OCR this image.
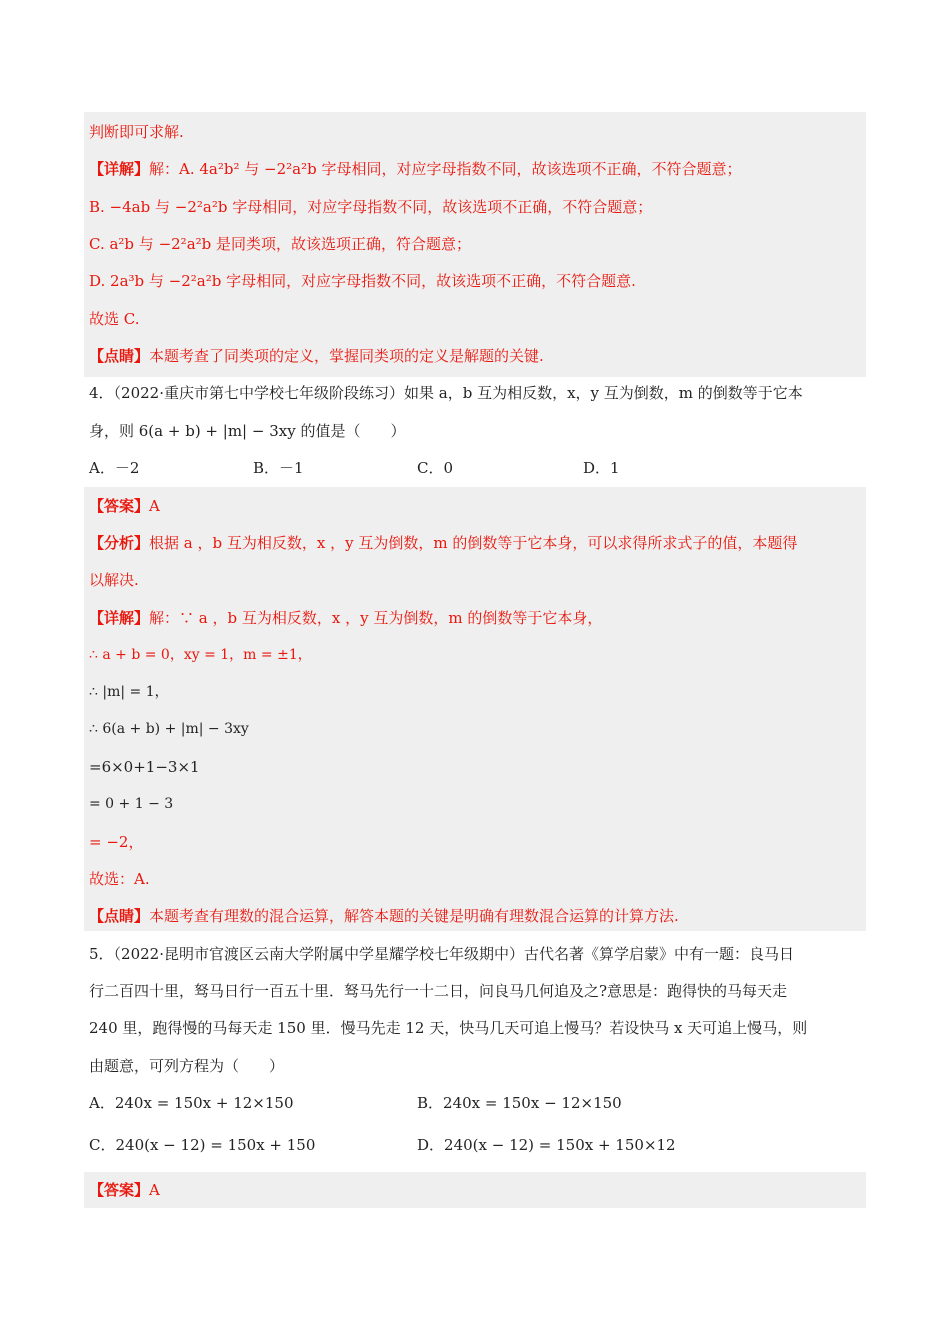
判断即可求解.
【详解】解：A. 4a²b² 与 −2²a²b 字母相同，对应字母指数不同，故该选项不正确，不符合题意；
B. −4ab 与 −2²a²b 字母相同，对应字母指数不同，故该选项不正确，不符合题意；
C. a²b 与 −2²a²b 是同类项，故该选项正确，符合题意；
D. 2a³b 与 −2²a²b 字母相同，对应字母指数不同，故该选项不正确，不符合题意.
故选 C.
【点睛】本题考查了同类项的定义，掌握同类项的定义是解题的关键.
4．（2022·重庆市第七中学校七年级阶段练习）如果 a，b 互为相反数，x，y 互为倒数，m 的倒数等于它本
身，则 6(a + b) + |m| − 3xy 的值是（　　）
A．－2	B．－1	C．0	D．1
【答案】A
【分析】根据 a ，b 互为相反数，x ，y 互为倒数，m 的倒数等于它本身，可以求得所求式子的值，本题得
以解决.
【详解】解：∵ a ，b 互为相反数，x ，y 互为倒数，m 的倒数等于它本身，
∴ a + b = 0，xy = 1，m = ±1，
∴ |m| = 1，
∴ 6(a + b) + |m| − 3xy
=6×0+1−3×1
= 0 + 1 − 3
= −2，
故选：A.
【点睛】本题考查有理数的混合运算，解答本题的关键是明确有理数混合运算的计算方法.
5．（2022·昆明市官渡区云南大学附属中学星耀学校七年级期中）古代名著《算学启蒙》中有一题：良马日
行二百四十里，驽马日行一百五十里．驽马先行一十二日，问良马几何追及之?意思是：跑得快的马每天走
240 里，跑得慢的马每天走 150 里．慢马先走 12 天，快马几天可追上慢马？若设快马 x 天可追上慢马，则
由题意，可列方程为（　　）
A．240x = 150x + 12×150	B．240x = 150x − 12×150
C．240(x − 12) = 150x + 150	D．240(x − 12) = 150x + 150×12
【答案】A
